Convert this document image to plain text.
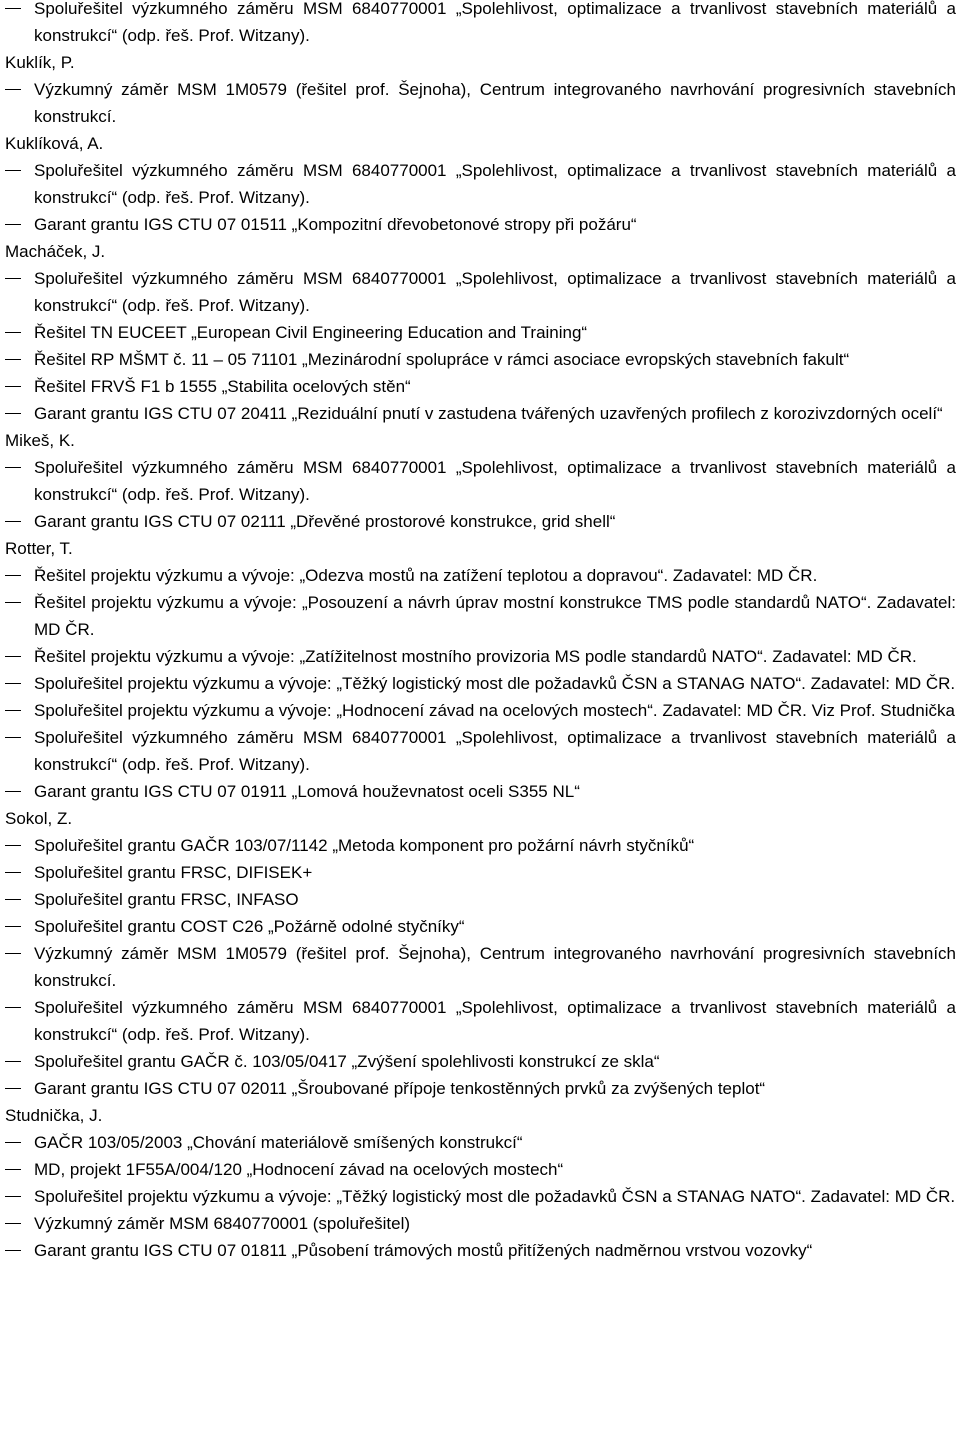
Spoluřešitel výzkumného záměru MSM 6840770001 „Spolehlivost, optimalizace a trvanlivost stavebních materiálů a konstrukcí“ (odp. řeš. Prof. Witzany).
Kuklík, P.
Výzkumný záměr MSM 1M0579 (řešitel prof. Šejnoha), Centrum integrovaného navrhování progresivních stavebních konstrukcí.
Kuklíková, A.
Spoluřešitel výzkumného záměru MSM 6840770001 „Spolehlivost, optimalizace a trvanlivost stavebních materiálů a konstrukcí“ (odp. řeš. Prof. Witzany).
Garant grantu IGS CTU 07 01511 „Kompozitní dřevobetonové stropy při požáru“
Macháček, J.
Spoluřešitel výzkumného záměru MSM 6840770001 „Spolehlivost, optimalizace a trvanlivost stavebních materiálů a konstrukcí“ (odp. řeš. Prof. Witzany).
Řešitel TN EUCEET „European Civil Engineering Education and Training“
Řešitel RP MŠMT č. 11 – 05 71101 „Mezinárodní spolupráce v rámci asociace evropských stavebních fakult“
Řešitel FRVŠ F1 b 1555 „Stabilita ocelových stěn“
Garant grantu IGS CTU 07 20411 „Reziduální pnutí v zastudena tvářených uzavřených profilech z korozivzdorných ocelí“
Mikeš, K.
Spoluřešitel výzkumného záměru MSM 6840770001 „Spolehlivost, optimalizace a trvanlivost stavebních materiálů a konstrukcí“ (odp. řeš. Prof. Witzany).
Garant grantu IGS CTU 07 02111 „Dřevěné prostorové konstrukce, grid shell“
Rotter, T.
Řešitel projektu výzkumu a vývoje: „Odezva mostů na zatížení teplotou a dopravou“. Zadavatel: MD ČR.
Řešitel projektu výzkumu a vývoje: „Posouzení a návrh úprav mostní konstrukce TMS podle standardů NATO“. Zadavatel: MD ČR.
Řešitel projektu výzkumu a vývoje: „Zatížitelnost mostního provizoria MS podle standardů NATO“. Zadavatel: MD ČR.
Spoluřešitel projektu výzkumu a vývoje: „Těžký logistický most dle požadavků ČSN a STANAG NATO“. Zadavatel: MD ČR.
Spoluřešitel projektu výzkumu a vývoje: „Hodnocení závad na ocelových mostech“. Zadavatel: MD ČR. Viz Prof. Studnička
Spoluřešitel výzkumného záměru MSM 6840770001 „Spolehlivost, optimalizace a trvanlivost stavebních materiálů a konstrukcí“ (odp. řeš. Prof. Witzany).
Garant grantu IGS CTU 07 01911 „Lomová houževnatost oceli S355 NL“
Sokol, Z.
Spoluřešitel grantu GAČR 103/07/1142 „Metoda komponent pro požární návrh styčníků“
Spoluřešitel grantu FRSC, DIFISEK+
Spoluřešitel grantu FRSC, INFASO
Spoluřešitel grantu COST C26 „Požárně odolné styčníky“
Výzkumný záměr MSM 1M0579 (řešitel prof. Šejnoha), Centrum integrovaného navrhování progresivních stavebních konstrukcí.
Spoluřešitel výzkumného záměru MSM 6840770001 „Spolehlivost, optimalizace a trvanlivost stavebních materiálů a konstrukcí“ (odp. řeš. Prof. Witzany).
Spoluřešitel grantu GAČR č. 103/05/0417 „Zvýšení spolehlivosti konstrukcí ze skla“
Garant grantu IGS CTU 07 02011 „Šroubované přípoje tenkostěnných prvků za zvýšených teplot“
Studnička, J.
GAČR 103/05/2003 „Chování materiálově smíšených konstrukcí“
MD, projekt 1F55A/004/120 „Hodnocení závad na ocelových mostech“
Spoluřešitel projektu výzkumu a vývoje: „Těžký logistický most dle požadavků ČSN a STANAG NATO“. Zadavatel: MD ČR.
Výzkumný záměr MSM 6840770001 (spoluřešitel)
Garant grantu IGS CTU 07 01811 „Působení trámových mostů přitížených nadměrnou vrstvou vozovky“
